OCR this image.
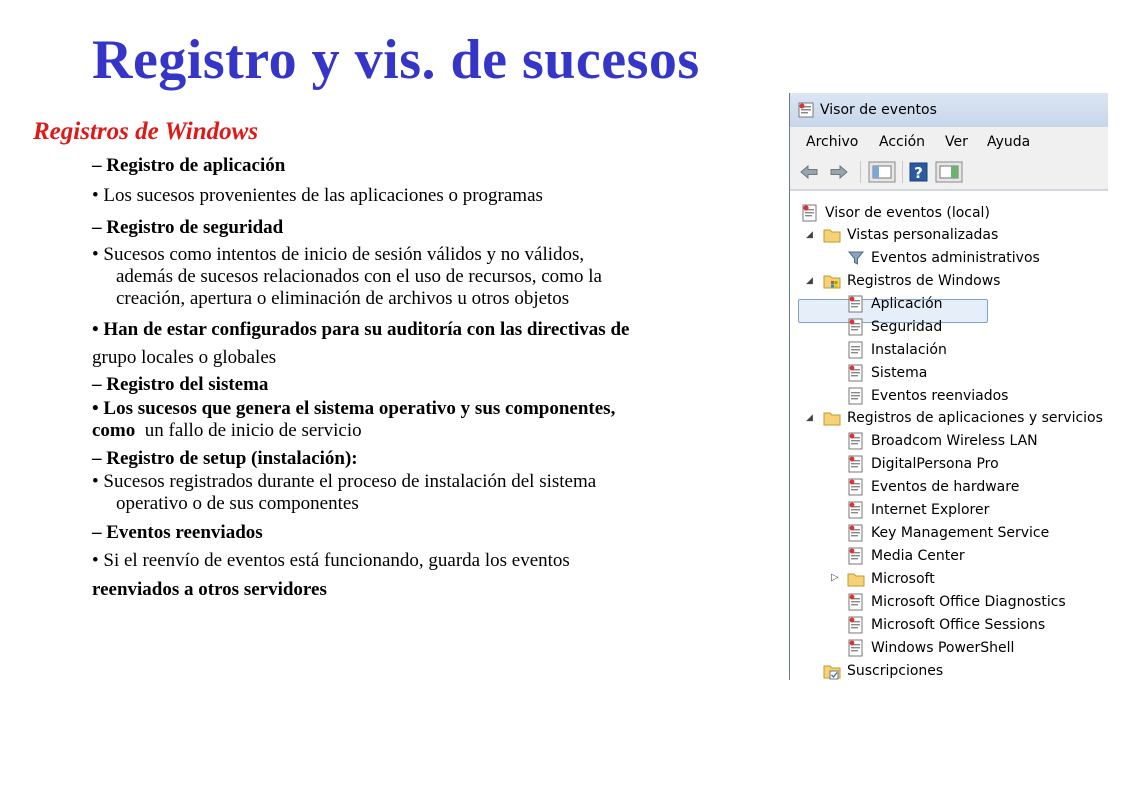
Registro y vis. de sucesos
Registros de Windows
– Registro de aplicación
• Los sucesos provenientes de las aplicaciones o programas
– Registro de seguridad
• Sucesos como intentos de inicio de sesión válidos y no válidos,
además de sucesos relacionados con el uso de recursos, como la
creación, apertura o eliminación de archivos u otros objetos
• Han de estar configurados para su auditoría con las directivas de
grupo locales o globales
– Registro del sistema
• Los sucesos que genera el sistema operativo y sus componentes,
como  un fallo de inicio de servicio
– Registro de setup (instalación):
• Sucesos registrados durante el proceso de instalación del sistema
operativo o de sus componentes
– Eventos reenviados
• Si el reenvío de eventos está funcionando, guarda los eventos
reenviados a otros servidores
Visor de eventos
Archivo Acción Ver Ayuda
?
Visor de eventos (local)
◢ Vistas personalizadas
Eventos administrativos
◢ Registros de Windows
Aplicación
Seguridad
Instalación
Sistema
Eventos reenviados
◢ Registros de aplicaciones y servicios
Broadcom Wireless LAN
DigitalPersona Pro
Eventos de hardware
Internet Explorer
Key Management Service
Media Center
▷ Microsoft
Microsoft Office Diagnostics
Microsoft Office Sessions
Windows PowerShell
Suscripciones
